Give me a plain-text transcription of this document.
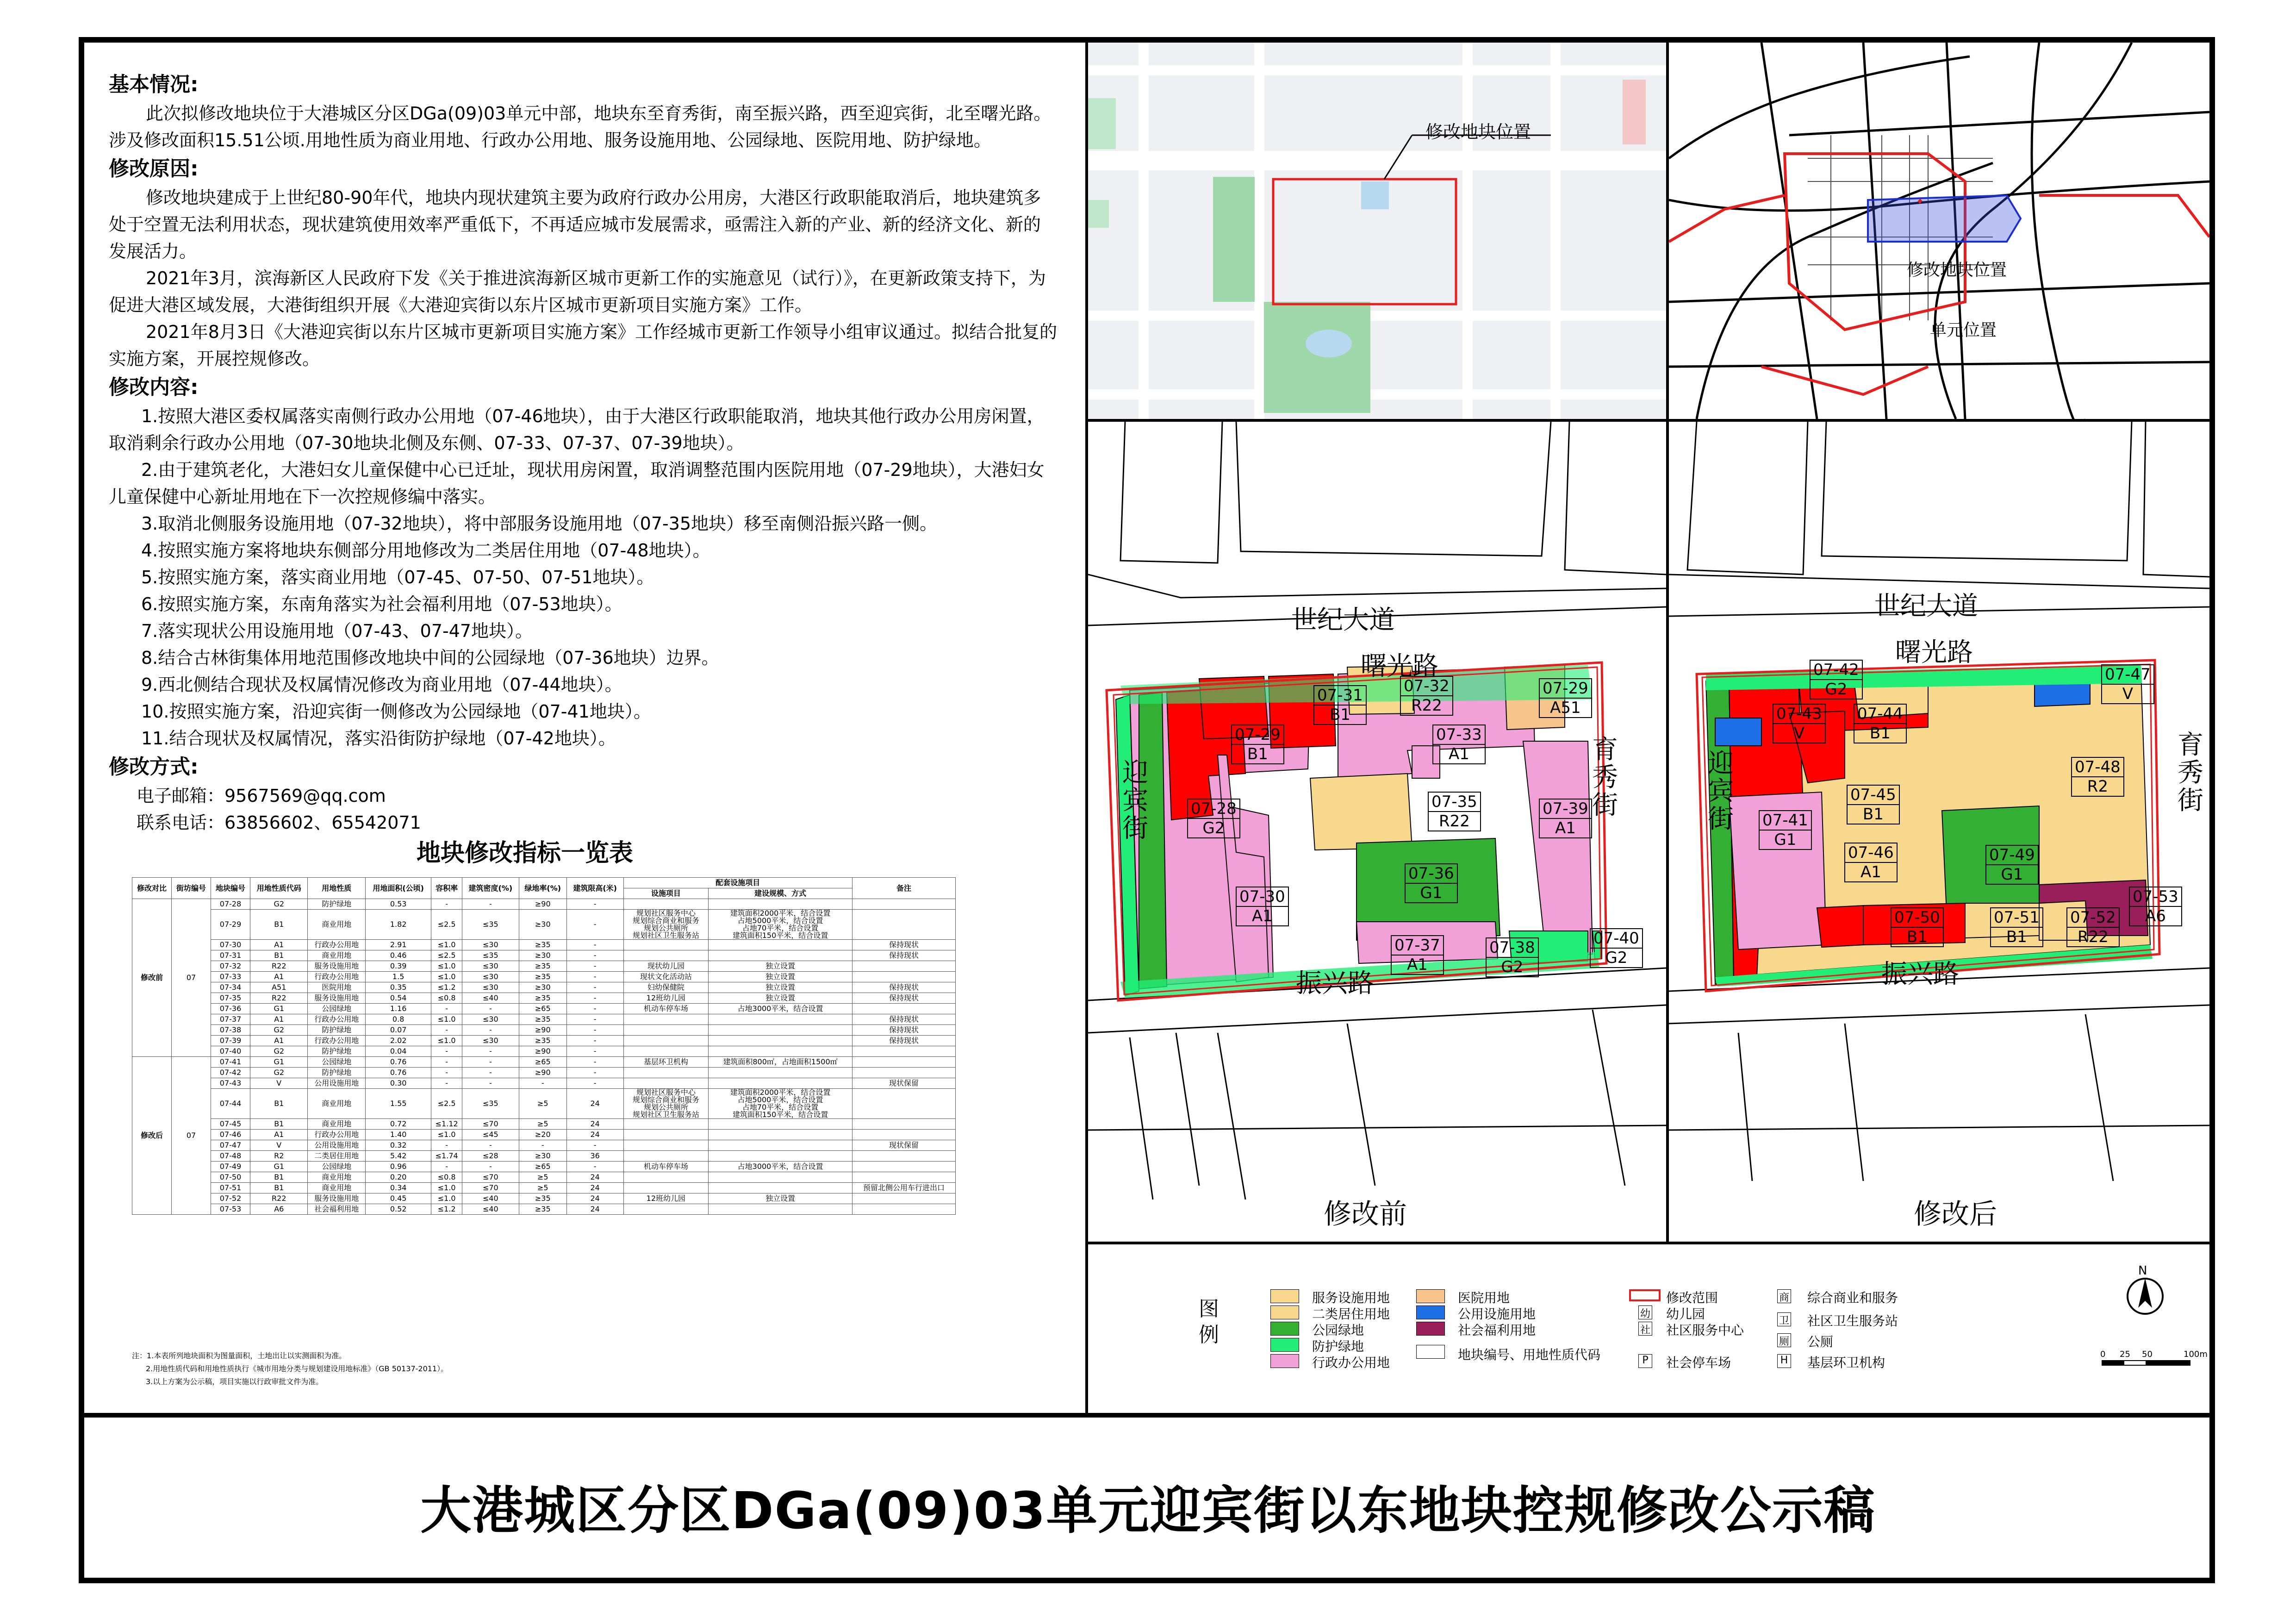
基本情况:

此次拟修改地块位于大港城区分区DGa(09)03单元中部，地块东至育秀街，南至振兴路，西至迎宾街，北至曙光路。涉及修改面积15.51公顷.用地性质为商业用地、行政办公用地、服务设施用地、公园绿地、医院用地、防护绿地。

修改原因:

修改地块建成于上世纪80-90年代，地块内现状建筑主要为政府行政办公用房，大港区行政职能取消后，地块建筑多处于空置无法利用状态，现状建筑使用效率严重低下，不再适应城市发展需求，亟需注入新的产业、新的经济文化、新的发展活力。

2021年3月，滨海新区人民政府下发《关于推进滨海新区城市更新工作的实施意见（试行）》，在更新政策支持下，为促进大港区域发展，大港街组织开展《大港迎宾街以东片区城市更新项目实施方案》工作。

2021年8月3日《大港迎宾街以东片区城市更新项目实施方案》工作经城市更新工作领导小组审议通过。拟结合批复的实施方案，开展控规修改。

修改内容:

1.按照大港区委权属落实南侧行政办公用地（07-46地块），由于大港区行政职能取消，地块其他行政办公用房闲置，取消剩余行政办公用地（07-30地块北侧及东侧、07-33、07-37、07-39地块）。

2.由于建筑老化，大港妇女儿童保健中心已迁址，现状用房闲置，取消调整范围内医院用地（07-29地块），大港妇女儿童保健中心新址用地在下一次控规修编中落实。

3.取消北侧服务设施用地（07-32地块），将中部服务设施用地（07-35地块）移至南侧沿振兴路一侧。

4.按照实施方案将地块东侧部分用地修改为二类居住用地（07-48地块）。

5.按照实施方案，落实商业用地（07-45、07-50、07-51地块）。

6.按照实施方案，东南角落实为社会福利用地（07-53地块）。

7.落实现状公用设施用地（07-43、07-47地块）。

8.结合古林街集体用地范围修改地块中间的公园绿地（07-36地块）边界。

9.西北侧结合现状及权属情况修改为商业用地（07-44地块）。

10.按照实施方案，沿迎宾街一侧修改为公园绿地（07-41地块）。

11.结合现状及权属情况，落实沿街防护绿地（07-42地块）。

修改方式:

电子邮箱：9567569@qq.com

联系电话：63856602、65542071

地块修改指标一览表
修改对比	街坊编号	地块编号	用地性质代码	用地性质	用地面积(公顷)	容积率	建筑密度(%)	绿地率(%)	建筑限高(米)	配套设施项目		备注
										设施项目	建设规模、方式	
修改前	07	07-28	G2	防护绿地	0.53	-	-	≥90	-			
		07-29	B1	商业用地	1.82	≤2.5	≤35	≥30	-	规划社区服务中心
规划综合商业和服务
规划公共厕所
规划社区卫生服务站	建筑面积2000平米，结合设置
占地5000平米，结合设置
占地70平米，结合设置
建筑面积150平米，结合设置	
		07-30	A1	行政办公用地	2.91	≤1.0	≤30	≥35	-			保持现状
		07-31	B1	商业用地	0.46	≤2.5	≤35	≥30	-			保持现状
		07-32	R22	服务设施用地	0.39	≤1.0	≤30	≥35	-	现状幼儿园	独立设置	
		07-33	A1	行政办公用地	1.5	≤1.0	≤30	≥35	-	现状文化活动站	独立设置	
		07-34	A51	医院用地	0.35	≤1.2	≤30	≥30	-	妇幼保健院	独立设置	保持现状
		07-35	R22	服务设施用地	0.54	≤0.8	≤40	≥35	-	12班幼儿园	独立设置	保持现状
		07-36	G1	公园绿地	1.16	-	-	≥65	-	机动车停车场	占地3000平米，结合设置	
		07-37	A1	行政办公用地	0.8	≤1.0	≤30	≥35	-			保持现状
		07-38	G2	防护绿地	0.07	-	-	≥90	-			保持现状
		07-39	A1	行政办公用地	2.02	≤1.0	≤30	≥35	-			保持现状
		07-40	G2	防护绿地	0.04	-	-	≥90	-			
修改后	07	07-41	G1	公园绿地	0.76	-	-	≥65	-	基层环卫机构	建筑面积800㎡，占地面积1500㎡	
		07-42	G2	防护绿地	0.76	-	-	≥90	-			
		07-43	V	公用设施用地	0.30	-	-	-	-			现状保留
		07-44	B1	商业用地	1.55	≤2.5	≤35	≥5	24	规划社区服务中心
规划综合商业和服务
规划公共厕所
规划社区卫生服务站	建筑面积2000平米，结合设置
占地5000平米，结合设置
占地70平米，结合设置
建筑面积150平米，结合设置	
		07-45	B1	商业用地	0.72	≤1.12	≤70	≥5	24			
		07-46	A1	行政办公用地	1.40	≤1.0	≤45	≥20	24			
		07-47	V	公用设施用地	0.32	-	-	-	-			现状保留
		07-48	R2	二类居住用地	5.42	≤1.74	≤28	≥30	36			
		07-49	G1	公园绿地	0.96	-	-	≥65	-	机动车停车场	占地3000平米，结合设置	
		07-50	B1	商业用地	0.20	≤0.8	≤70	≥5	24			
		07-51	B1	商业用地	0.34	≤1.0	≤70	≥5	24			预留北侧公用车行进出口
		07-52	R22	服务设施用地	0.45	≤1.0	≤40	≥35	24	12班幼儿园	独立设置	
		07-53	A6	社会福利用地	0.52	≤1.2	≤40	≥35	24			
注：1.本表所列地块面积为图量面积，土地出让以实测面积为准。
2.用地性质代码和用地性质执行《城市用地分类与规划建设用地标准》（GB 50137-2011）。
3.以上方案为公示稿，项目实施以行政审批文件为准。
修改地块位置
修改地块位置
单元位置
世纪大道
曙光路
振兴路
迎宾街
育秀街
07-31
B1
07-32
R22
07-29
B1
07-33
A1
07-35
R22
07-28
G2
07-39
A1
07-29
A51
07-36
G1
07-30
A1
07-37
A1
07-38
G2
07-40
G2
修改前
世纪大道
曙光路
振兴路
迎宾街
育秀街
07-42
G2
07-47
V
07-43
V
07-44
B1
07-48
R2
07-45
B1
07-41
G1
07-46
A1
07-49
G1
07-53
A6
07-50
B1
07-51
B1
07-52
R22
修改后
图例
服务设施用地
二类居住用地
公园绿地
防护绿地
行政办公用地
医院用地
公用设施用地
社会福利用地
地块编号、用地性质代码
修改范围
幼 幼儿园
社 社区服务中心
P 社会停车场
商 综合商业和服务
卫 社区卫生服务站
厕 公厕
H 基层环卫机构
N
0 25 50	100m
大港城区分区DGa(09)03单元迎宾街以东地块控规修改公示稿
